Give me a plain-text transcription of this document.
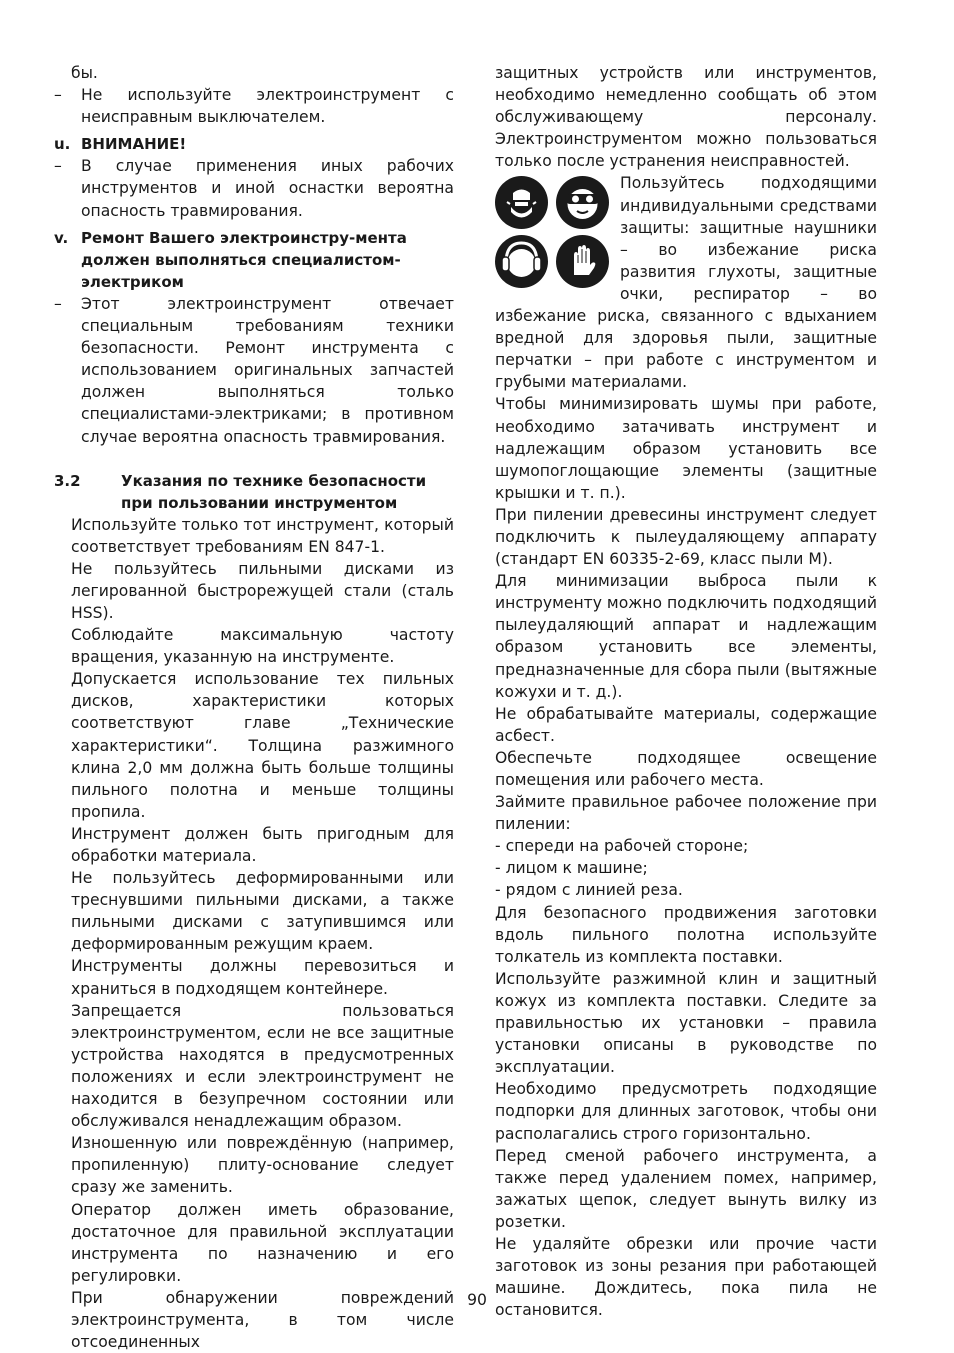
бы.

– Не используйте электроинструмент с неисправным выключателем.

u. ВНИМАНИЕ!

– В случае применения иных рабочих инструментов и иной оснастки вероятна опасность травмирования.

v. Ремонт Вашего электроинстру-мента должен выполняться специалистом-электриком

– Этот электроинструмент отвечает специальным требованиям техники безопасности. Ремонт инструмента с использованием оригинальных запчастей должен выполняться только специалистами-электриками; в противном случае вероятна опасность травмирования.

3.2	Указания по технике безопасности при пользовании инструментом

Используйте только тот инструмент, который соответствует требованиям EN 847-1.

Не пользуйтесь пильными дисками из легированной быстрорежущей стали (сталь HSS).

Соблюдайте максимальную частоту вращения, указанную на инструменте.

Допускается использование тех пильных дисков, характеристики которых соответствуют главе „Технические характеристики“. Толщина разжимного клина 2,0 мм должна быть больше толщины пильного полотна и меньше толщины пропила.

Инструмент должен быть пригодным для обработки материала.

Не пользуйтесь деформированными или треснувшими пильными дисками, а также пильными дисками с затупившимся или деформированным режущим краем.

Инструменты должны перевозиться и храниться в подходящем контейнере.

Запрещается пользоваться электроинструментом, если не все защитные устройства находятся в предусмотренных положениях и если электроинструмент не находится в безупречном состоянии или обслуживался ненадлежащим образом.

Изношенную или повреждённую (например, пропиленную) плиту-основание следует сразу же заменить.

Оператор должен иметь образование, достаточное для правильной эксплуатации инструмента по назначению и его регулировки.

При обнаружении повреждений электроинструмента, в том числе отсоединенных

защитных устройств или инструментов, необходимо немедленно сообщать об этом обслуживающему персоналу. Электроинструментом можно пользоваться только после устранения неисправностей.

Пользуйтесь подходящими индивидуальными средствами защиты: защитные наушники – во избежание риска развития глухоты, защитные очки, респиратор – во избежание риска, связанного с вдыханием вредной для здоровья пыли, защитные перчатки – при работе с инструментом и грубыми материалами.

Чтобы минимизировать шумы при работе, необходимо затачивать инструмент и надлежащим образом установить все шумопоглощающие элементы (защитные крышки и т. п.).

При пилении древесины инструмент следует подключить к пылеудаляющему аппарату (стандарт EN 60335-2-69, класс пыли M).

Для минимизации выброса пыли к инструменту можно подключить подходящий пылеудаляющий аппарат и надлежащим образом установить все элементы, предназначенные для сбора пыли (вытяжные кожухи и т. д.).

Не обрабатывайте материалы, содержащие асбест.

Обеспечьте подходящее освещение помещения или рабочего места.

Займите правильное рабочее положение при пилении:

- спереди на рабочей стороне;

- лицом к машине;

- рядом с линией реза.

Для безопасного продвижения заготовки вдоль пильного полотна используйте толкатель из комплекта поставки.

Используйте разжимной клин и защитный кожух из комплекта поставки. Следите за правильностью их установки – правила установки описаны в руководстве по эксплуатации.

Необходимо предусмотреть подходящие подпорки для длинных заготовок, чтобы они располагались строго горизонтально.

Перед сменой рабочего инструмента, а также перед удалением помех, например, зажатых щепок, следует вынуть вилку из розетки.

Не удаляйте обрезки или прочие части заготовок из зоны резания при работающей машине. Дождитесь, пока пила не остановится.

90
